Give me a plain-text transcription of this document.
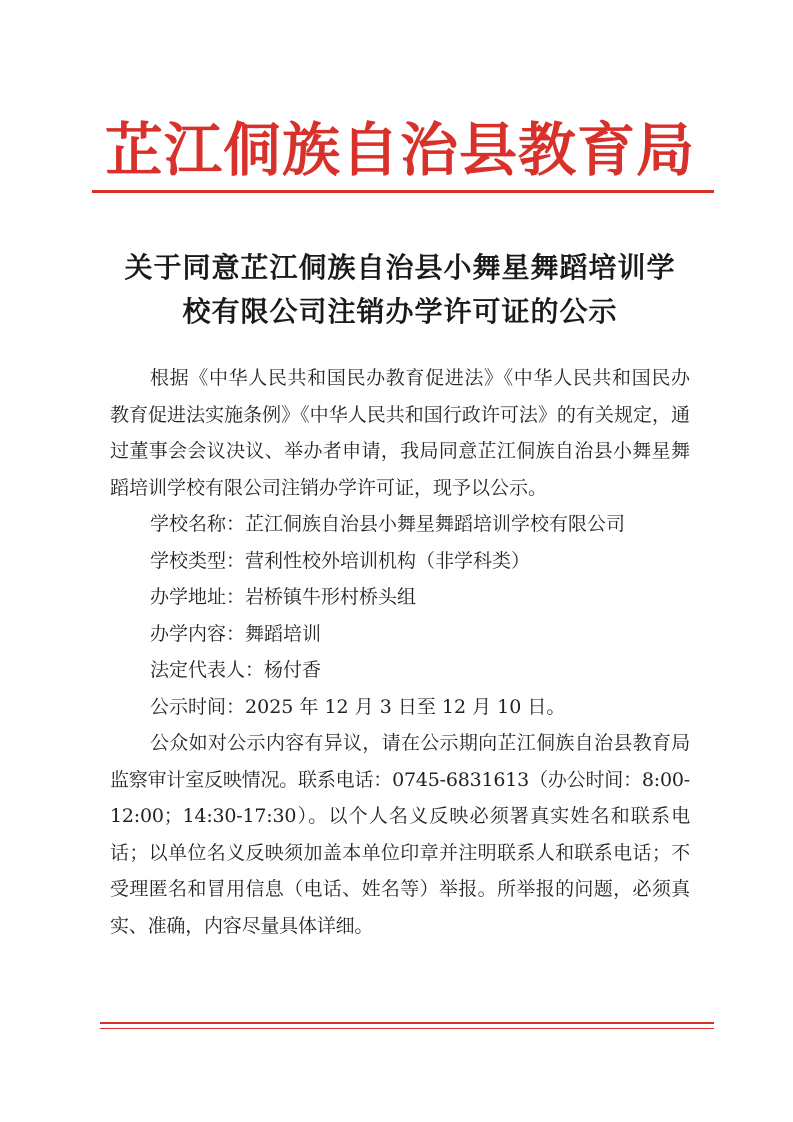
芷江侗族自治县教育局
关于同意芷江侗族自治县小舞星舞蹈培训学
校有限公司注销办学许可证的公示

根据《中华人民共和国民办教育促进法》《中华人民共和国民办教育促进法实施条例》《中华人民共和国行政许可法》的有关规定，通过董事会会议决议、举办者申请，我局同意芷江侗族自治县小舞星舞蹈培训学校有限公司注销办学许可证，现予以公示。

学校名称：芷江侗族自治县小舞星舞蹈培训学校有限公司

学校类型：营利性校外培训机构（非学科类）

办学地址：岩桥镇牛形村桥头组

办学内容：舞蹈培训

法定代表人：杨付香

公示时间：2025 年 12 月 3 日至 12 月 10 日。

公众如对公示内容有异议，请在公示期向芷江侗族自治县教育局监察审计室反映情况。联系电话：0745-6831613（办公时间：8:00-12:00；14:30-17:30）。以个人名义反映必须署真实姓名和联系电话；以单位名义反映须加盖本单位印章并注明联系人和联系电话；不受理匿名和冒用信息（电话、姓名等）举报。所举报的问题，必须真实、准确，内容尽量具体详细。
